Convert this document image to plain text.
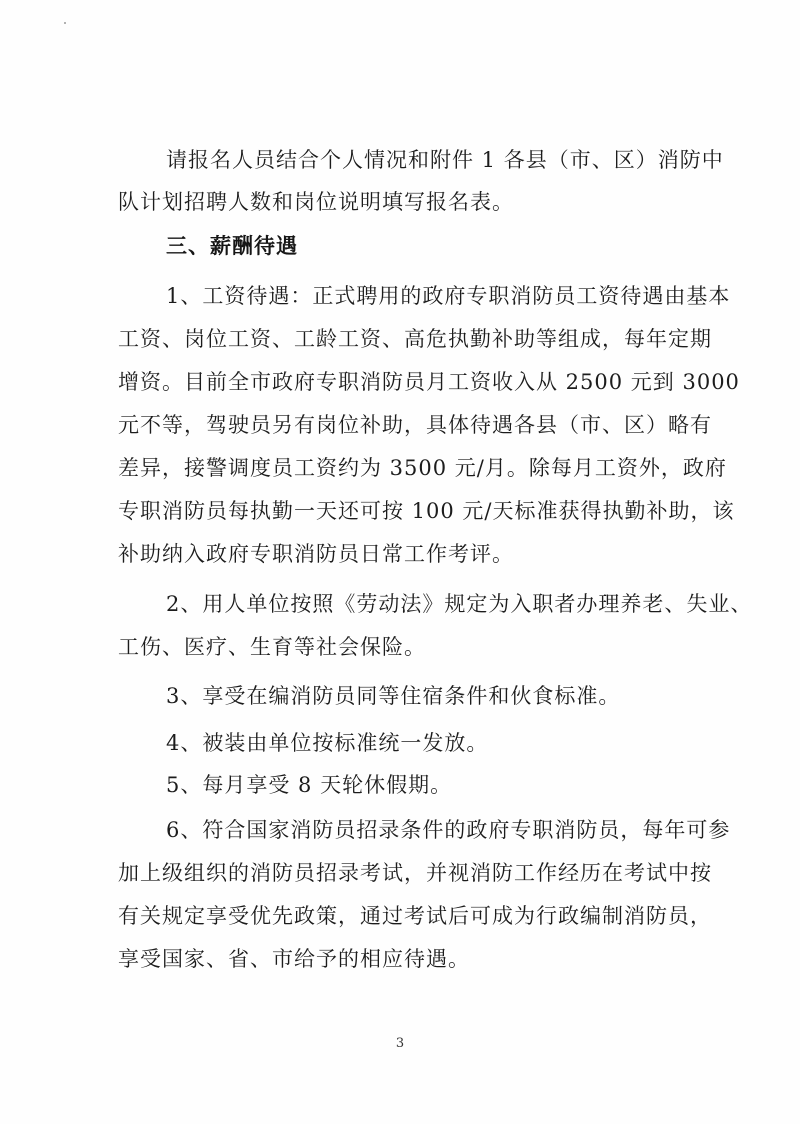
请报名人员结合个人情况和附件 1 各县（市、区）消防中

队计划招聘人数和岗位说明填写报名表。

三、薪酬待遇

1、工资待遇：正式聘用的政府专职消防员工资待遇由基本

工资、岗位工资、工龄工资、高危执勤补助等组成，每年定期

增资。目前全市政府专职消防员月工资收入从 2500 元到 3000

元不等，驾驶员另有岗位补助，具体待遇各县（市、区）略有

差异，接警调度员工资约为 3500 元/月。除每月工资外，政府

专职消防员每执勤一天还可按 100 元/天标准获得执勤补助，该

补助纳入政府专职消防员日常工作考评。

2、用人单位按照《劳动法》规定为入职者办理养老、失业、

工伤、医疗、生育等社会保险。

3、享受在编消防员同等住宿条件和伙食标准。

4、被装由单位按标准统一发放。

5、每月享受 8 天轮休假期。

6、符合国家消防员招录条件的政府专职消防员，每年可参

加上级组织的消防员招录考试，并视消防工作经历在考试中按

有关规定享受优先政策，通过考试后可成为行政编制消防员，

享受国家、省、市给予的相应待遇。

3
